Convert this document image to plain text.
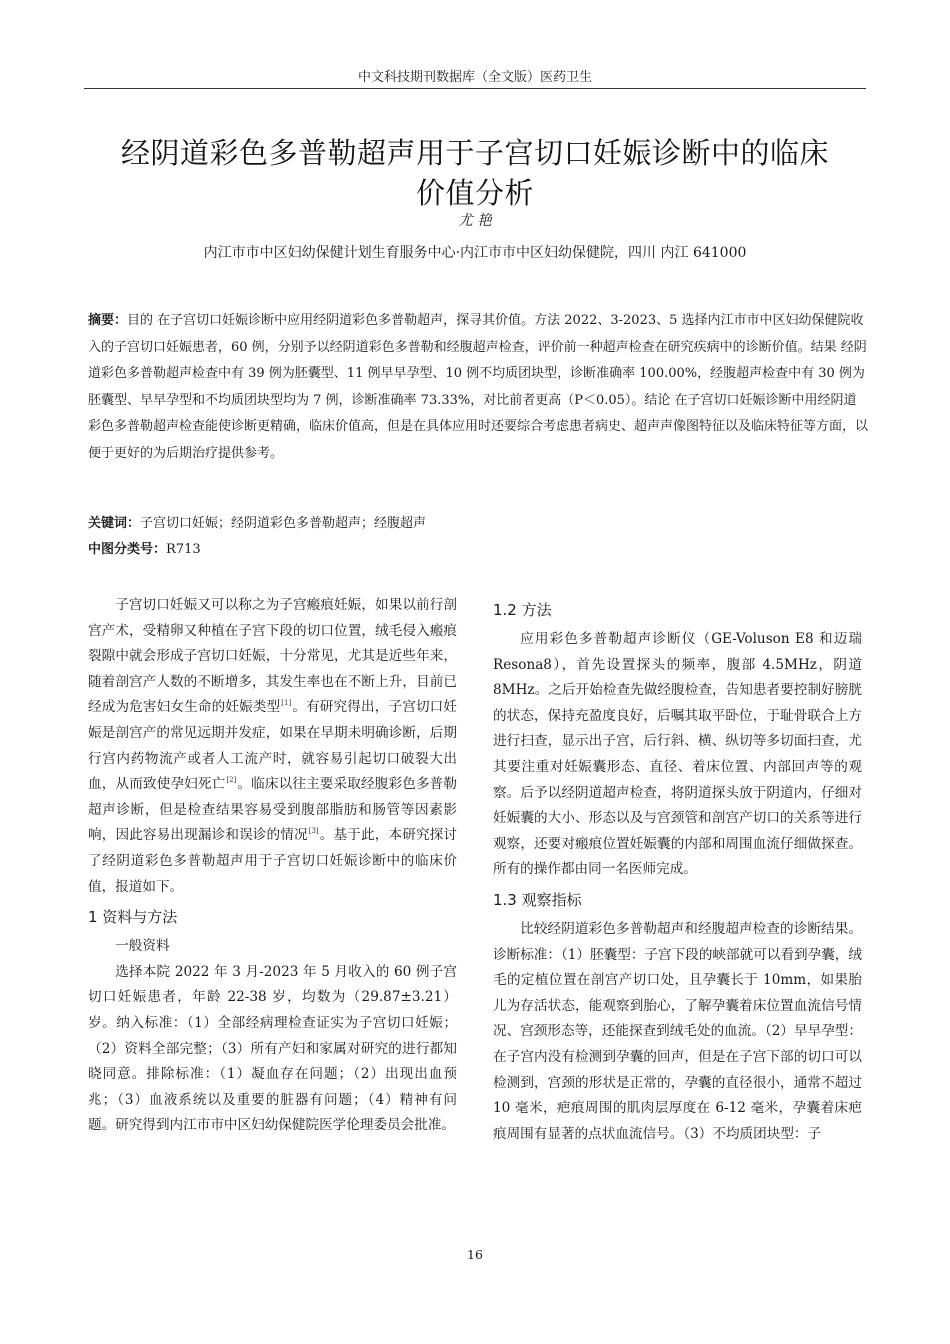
中文科技期刊数据库（全文版）医药卫生
经阴道彩色多普勒超声用于子宫切口妊娠诊断中的临床
价值分析
尤 艳
内江市市中区妇幼保健计划生育服务中心·内江市市中区妇幼保健院，四川 内江 641000
摘要：目的 在子宫切口妊娠诊断中应用经阴道彩色多普勒超声，探寻其价值。方法 2022、3-2023、5 选择内江市市中区妇幼保健院收入的子宫切口妊娠患者，60 例，分别予以经阴道彩色多普勒和经腹超声检查，评价前一种超声检查在研究疾病中的诊断价值。结果 经阴道彩色多普勒超声检查中有 39 例为胚囊型、11 例早早孕型、10 例不均质团块型，诊断准确率 100.00%，经腹超声检查中有 30 例为胚囊型、早早孕型和不均质团块型均为 7 例，诊断准确率 73.33%，对比前者更高（P＜0.05）。结论 在子宫切口妊娠诊断中用经阴道彩色多普勒超声检查能使诊断更精确，临床价值高，但是在具体应用时还要综合考虑患者病史、超声声像图特征以及临床特征等方面，以便于更好的为后期治疗提供参考。
关键词：子宫切口妊娠；经阴道彩色多普勒超声；经腹超声
中图分类号：R713

子宫切口妊娠又可以称之为子宫瘢痕妊娠，如果以前行剖宫产术，受精卵又种植在子宫下段的切口位置，绒毛侵入瘢痕裂隙中就会形成子宫切口妊娠，十分常见，尤其是近些年来，随着剖宫产人数的不断增多，其发生率也在不断上升，目前已经成为危害妇女生命的妊娠类型[1]。有研究得出，子宫切口妊娠是剖宫产的常见远期并发症，如果在早期未明确诊断，后期行宫内药物流产或者人工流产时，就容易引起切口破裂大出血，从而致使孕妇死亡[2]。临床以往主要采取经腹彩色多普勒超声诊断，但是检查结果容易受到腹部脂肪和肠管等因素影响，因此容易出现漏诊和误诊的情况[3]。基于此，本研究探讨了经阴道彩色多普勒超声用于子宫切口妊娠诊断中的临床价值，报道如下。

1 资料与方法

一般资料

选择本院 2022 年 3 月-2023 年 5 月收入的 60 例子宫切口妊娠患者，年龄 22-38 岁，均数为（29.87±3.21）岁。纳入标准：（1）全部经病理检查证实为子宫切口妊娠；（2）资料全部完整；（3）所有产妇和家属对研究的进行都知晓同意。排除标准：（1）凝血存在问题；（2）出现出血预兆；（3）血液系统以及重要的脏器有问题；（4）精神有问题。研究得到内江市市中区妇幼保健院医学伦理委员会批准。

1.2 方法

应用彩色多普勒超声诊断仪（GE-Voluson E8 和迈瑞 Resona8），首先设置探头的频率，腹部 4.5MHz，阴道 8MHz。之后开始检查先做经腹检查，告知患者要控制好膀胱的状态，保持充盈度良好，后嘱其取平卧位，于耻骨联合上方进行扫查，显示出子宫，后行斜、横、纵切等多切面扫查，尤其要注重对妊娠囊形态、直径、着床位置、内部回声等的观察。后予以经阴道超声检查，将阴道探头放于阴道内，仔细对妊娠囊的大小、形态以及与宫颈管和剖宫产切口的关系等进行观察，还要对瘢痕位置妊娠囊的内部和周围血流仔细做探查。所有的操作都由同一名医师完成。

1.3 观察指标

比较经阴道彩色多普勒超声和经腹超声检查的诊断结果。诊断标准：（1）胚囊型：子宫下段的峡部就可以看到孕囊，绒毛的定植位置在剖宫产切口处，且孕囊长于 10mm，如果胎儿为存活状态，能观察到胎心，了解孕囊着床位置血流信号情况、宫颈形态等，还能探查到绒毛处的血流。（2）早早孕型：在子宫内没有检测到孕囊的回声，但是在子宫下部的切口可以检测到，宫颈的形状是正常的，孕囊的直径很小，通常不超过 10 毫米，疤痕周围的肌肉层厚度在 6-12 毫米，孕囊着床疤痕周围有显著的点状血流信号。（3）不均质团块型：子

16
